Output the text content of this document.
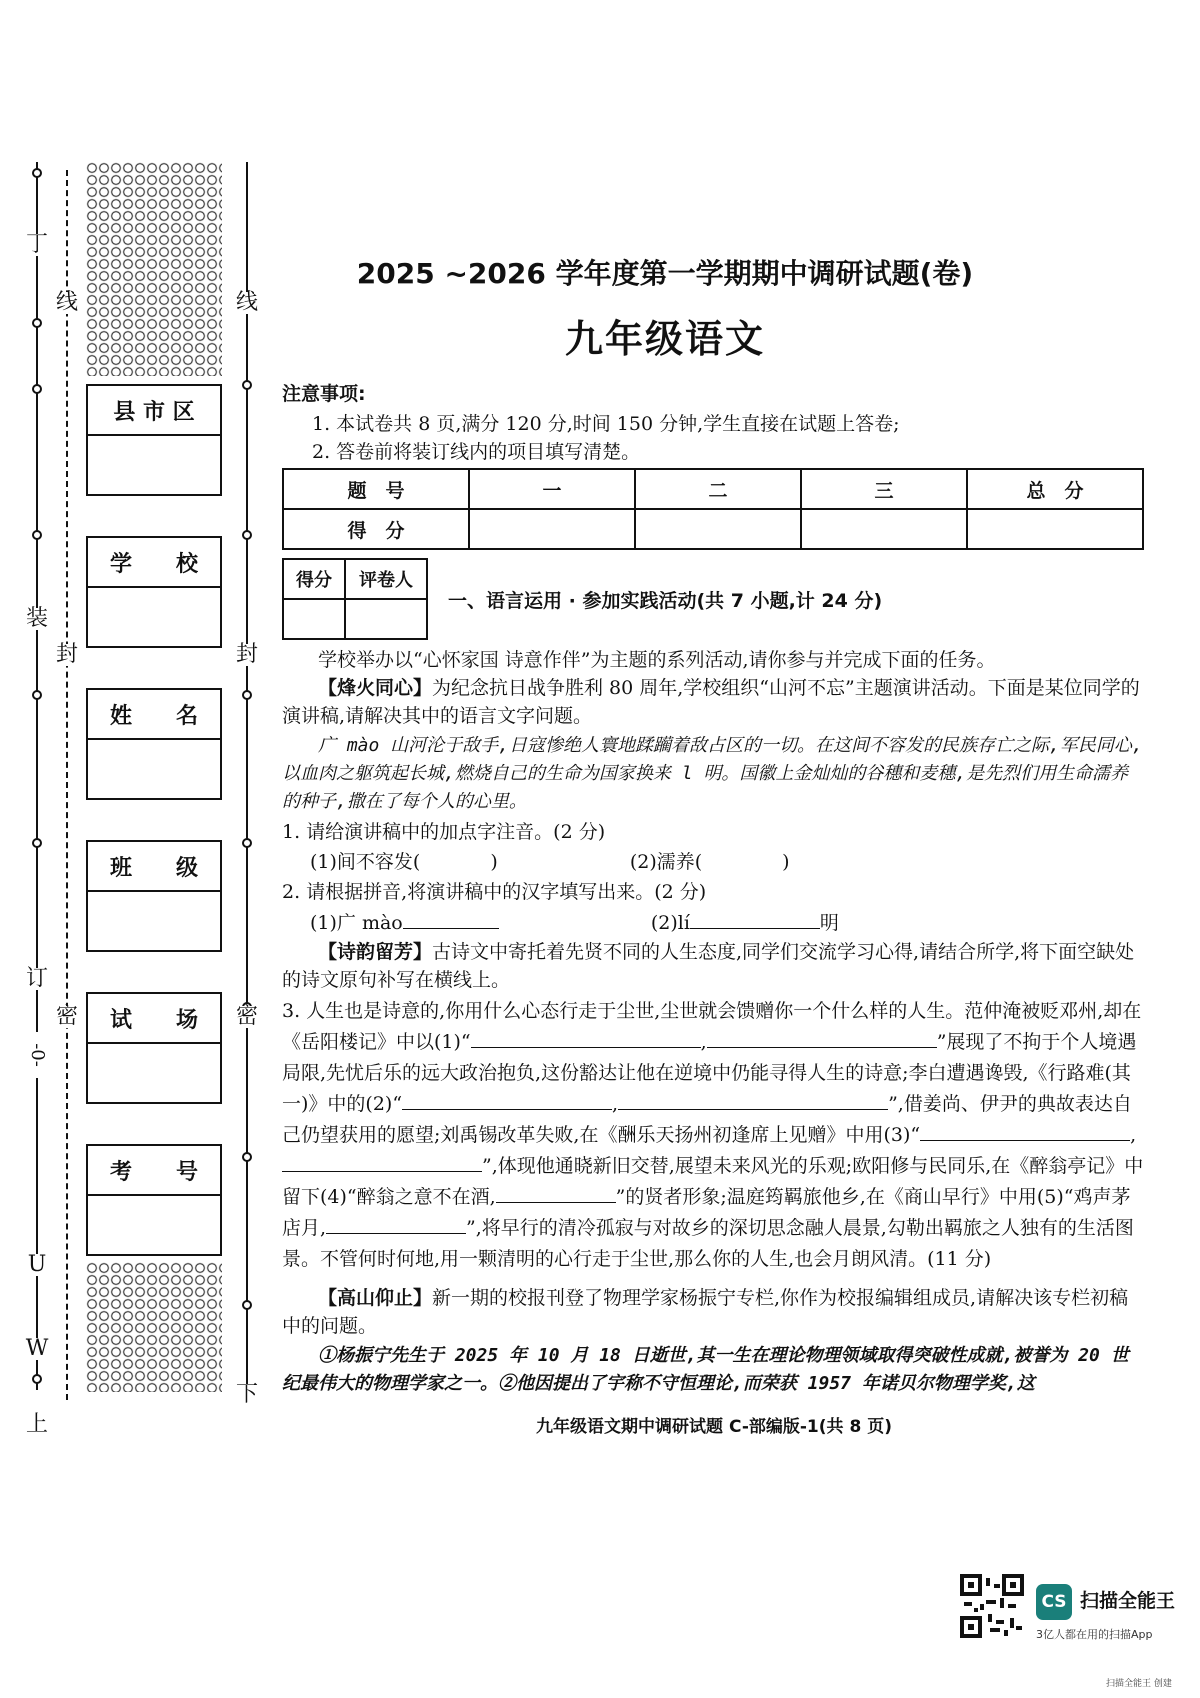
丁
装
订
-0-
U
W
上
线
封
密
线
封
密
下
县 市 区
学　　校
姓　　名
班　　级
试　　场
考　　号
2025 ~2026 学年度第一学期期中调研试题(卷)
九年级语文
注意事项:
1. 本试卷共 8 页,满分 120 分,时间 150 分钟,学生直接在试题上答卷;
2. 答卷前将装订线内的项目填写清楚。
题　号	一	二	三	总　分
得　分				
得分	评卷人

一、语言运用 · 参加实践活动(共 7 小题,计 24 分)
学校举办以“心怀家国 诗意作伴”为主题的系列活动,请你参与并完成下面的任务。
【烽火同心】为纪念抗日战争胜利 80 周年,学校组织“山河不忘”主题演讲活动。下面是某位同学的演讲稿,请解决其中的语言文字问题。
广 mào 山河沦于敌手,日寇惨绝人寰地蹂躏着敌占区的一切。在这间不容发的民族存亡之际,军民同心,以血肉之躯筑起长城,燃烧自己的生命为国家换来 l 明。国徽上金灿灿的谷穗和麦穗,是先烈们用生命濡养的种子,撒在了每个人的心里。
1. 请给演讲稿中的加点字注音。(2 分)
(1)间不容发(	)	(2)濡养(	)
2. 请根据拼音,将演讲稿中的汉字填写出来。(2 分)
(1)广 mào	(2)lí	明
【诗韵留芳】古诗文中寄托着先贤不同的人生态度,同学们交流学习心得,请结合所学,将下面空缺处的诗文原句补写在横线上。
3. 人生也是诗意的,你用什么心态行走于尘世,尘世就会馈赠你一个什么样的人生。范仲淹被贬邓州,却在《岳阳楼记》中以(1)“	,	”展现了不拘于个人境遇局限,先忧后乐的远大政治抱负,这份豁达让他在逆境中仍能寻得人生的诗意;李白遭遇谗毁,《行路难(其一)》中的(2)“	,	”,借姜尚、伊尹的典故表达自己仍望获用的愿望;刘禹锡改革失败,在《酬乐天扬州初逢席上见赠》中用(3)“	,”,体现他通晓新旧交替,展望未来风光的乐观;欧阳修与民同乐,在《醉翁亭记》中留下(4)“醉翁之意不在酒,	”的贤者形象;温庭筠羁旅他乡,在《商山早行》中用(5)“鸡声茅店月,	”,将早行的清冷孤寂与对故乡的深切思念融人晨景,勾勒出羁旅之人独有的生活图景。不管何时何地,用一颗清明的心行走于尘世,那么你的人生,也会月朗风清。(11 分)
【高山仰止】新一期的校报刊登了物理学家杨振宁专栏,你作为校报编辑组成员,请解决该专栏初稿中的问题。
①杨振宁先生于 2025 年 10 月 18 日逝世,其一生在理论物理领域取得突破性成就,被誉为 20 世纪最伟大的物理学家之一。②他因提出了宇称不守恒理论,而荣获 1957 年诺贝尔物理学奖,这
九年级语文期中调研试题 C-部编版-1(共 8 页)
CS 扫描全能王
3亿人都在用的扫描App
扫描全能王 创建
